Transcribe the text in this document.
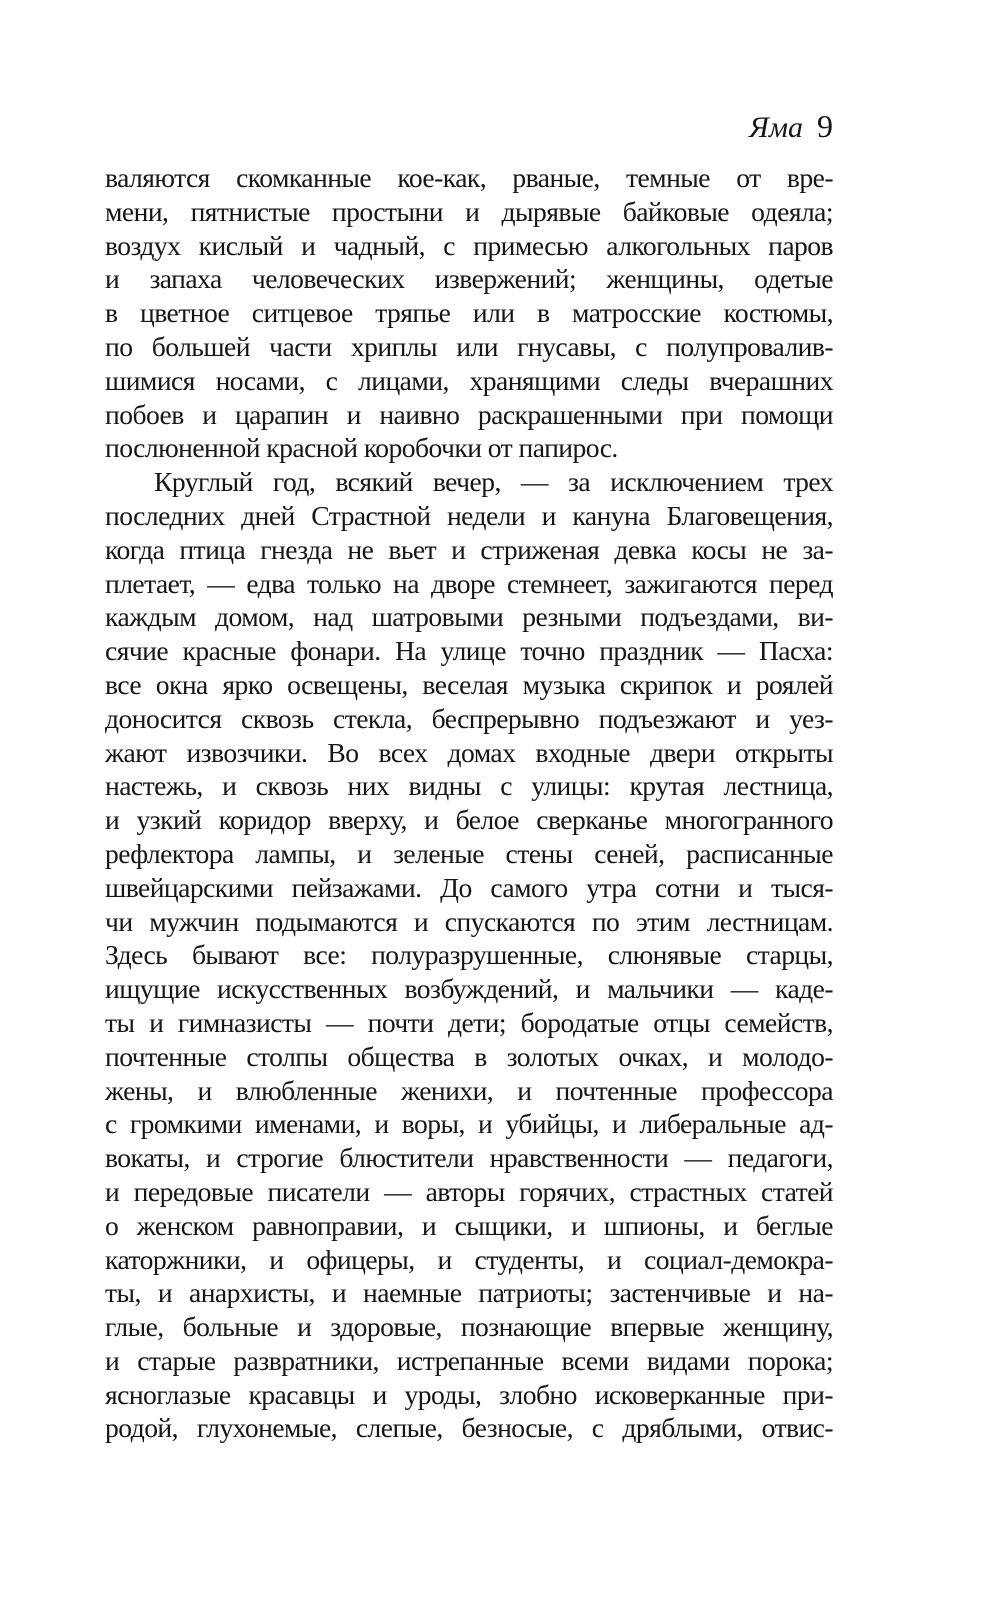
Яма 9
валяются скомканные кое-как, рваные, темные от вре-
мени, пятнистые простыни и дырявые байковые одеяла;
воздух кислый и чадный, с примесью алкогольных паров
и запаха человеческих извержений; женщины, одетые
в цветное ситцевое тряпье или в матросские костюмы,
по большей части хриплы или гнусавы, с полупровалив-
шимися носами, с лицами, хранящими следы вчерашних
побоев и царапин и наивно раскрашенными при помощи
послюненной красной коробочки от папирос.
Круглый год, всякий вечер, — за исключением трех
последних дней Страстной недели и кануна Благовещения,
когда птица гнезда не вьет и стриженая девка косы не за-
плетает, — едва только на дворе стемнеет, зажигаются перед
каждым домом, над шатровыми резными подъездами, ви-
сячие красные фонари. На улице точно праздник — Пасха:
все окна ярко освещены, веселая музыка скрипок и роялей
доносится сквозь стекла, беспрерывно подъезжают и уез-
жают извозчики. Во всех домах входные двери открыты
настежь, и сквозь них видны с улицы: крутая лестница,
и узкий коридор вверху, и белое сверканье многогранного
рефлектора лампы, и зеленые стены сеней, расписанные
швейцарскими пейзажами. До самого утра сотни и тыся-
чи мужчин подымаются и спускаются по этим лестницам.
Здесь бывают все: полуразрушенные, слюнявые старцы,
ищущие искусственных возбуждений, и мальчики — каде-
ты и гимназисты — почти дети; бородатые отцы семейств,
почтенные столпы общества в золотых очках, и молодо-
жены, и влюбленные женихи, и почтенные профессора
с громкими именами, и воры, и убийцы, и либеральные ад-
вокаты, и строгие блюстители нравственности — педагоги,
и передовые писатели — авторы горячих, страстных статей
о женском равноправии, и сыщики, и шпионы, и беглые
каторжники, и офицеры, и студенты, и социал-демокра-
ты, и анархисты, и наемные патриоты; застенчивые и на-
глые, больные и здоровые, познающие впервые женщину,
и старые развратники, истрепанные всеми видами порока;
ясноглазые красавцы и уроды, злобно исковерканные при-
родой, глухонемые, слепые, безносые, с дряблыми, отвис-
